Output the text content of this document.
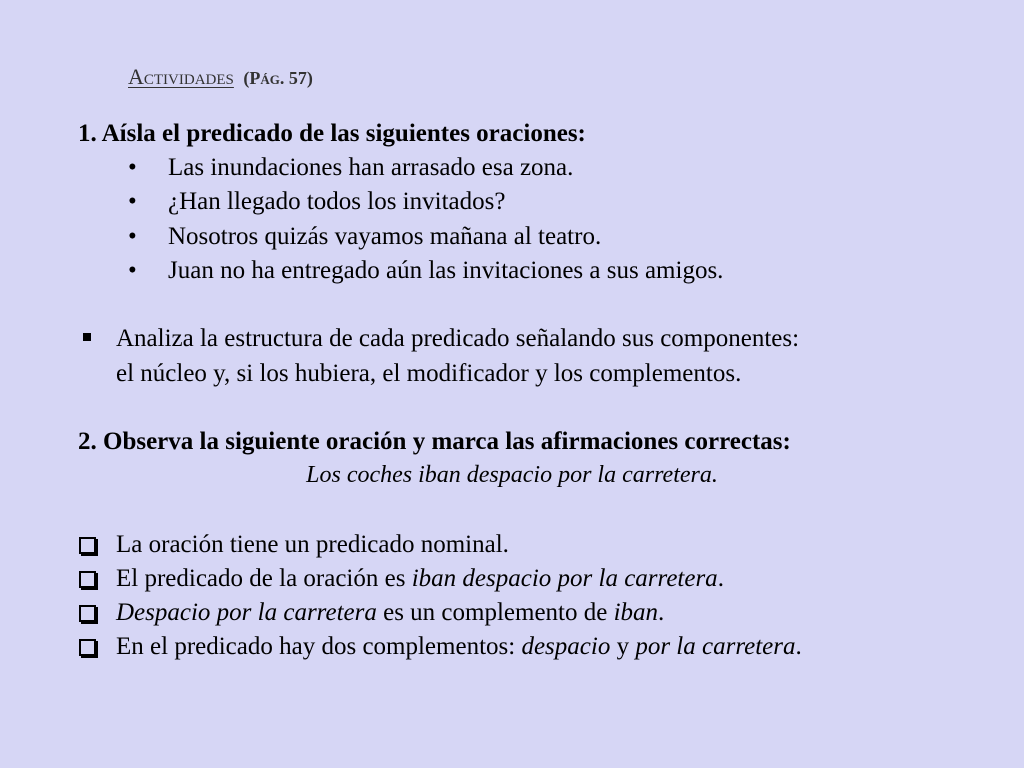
Actividades (Pág. 57)
1. Aísla el predicado de las siguientes oraciones:
• Las inundaciones han arrasado esa zona.
• ¿Han llegado todos los invitados?
• Nosotros quizás vayamos mañana al teatro.
• Juan no ha entregado aún las invitaciones a sus amigos.
Analiza la estructura de cada predicado señalando sus componentes:
el núcleo y, si los hubiera, el modificador y los complementos.
2. Observa la siguiente oración y marca las afirmaciones correctas:
Los coches iban despacio por la carretera.
La oración tiene un predicado nominal.
El predicado de la oración es iban despacio por la carretera.
Despacio por la carretera es un complemento de iban.
En el predicado hay dos complementos: despacio y por la carretera.
